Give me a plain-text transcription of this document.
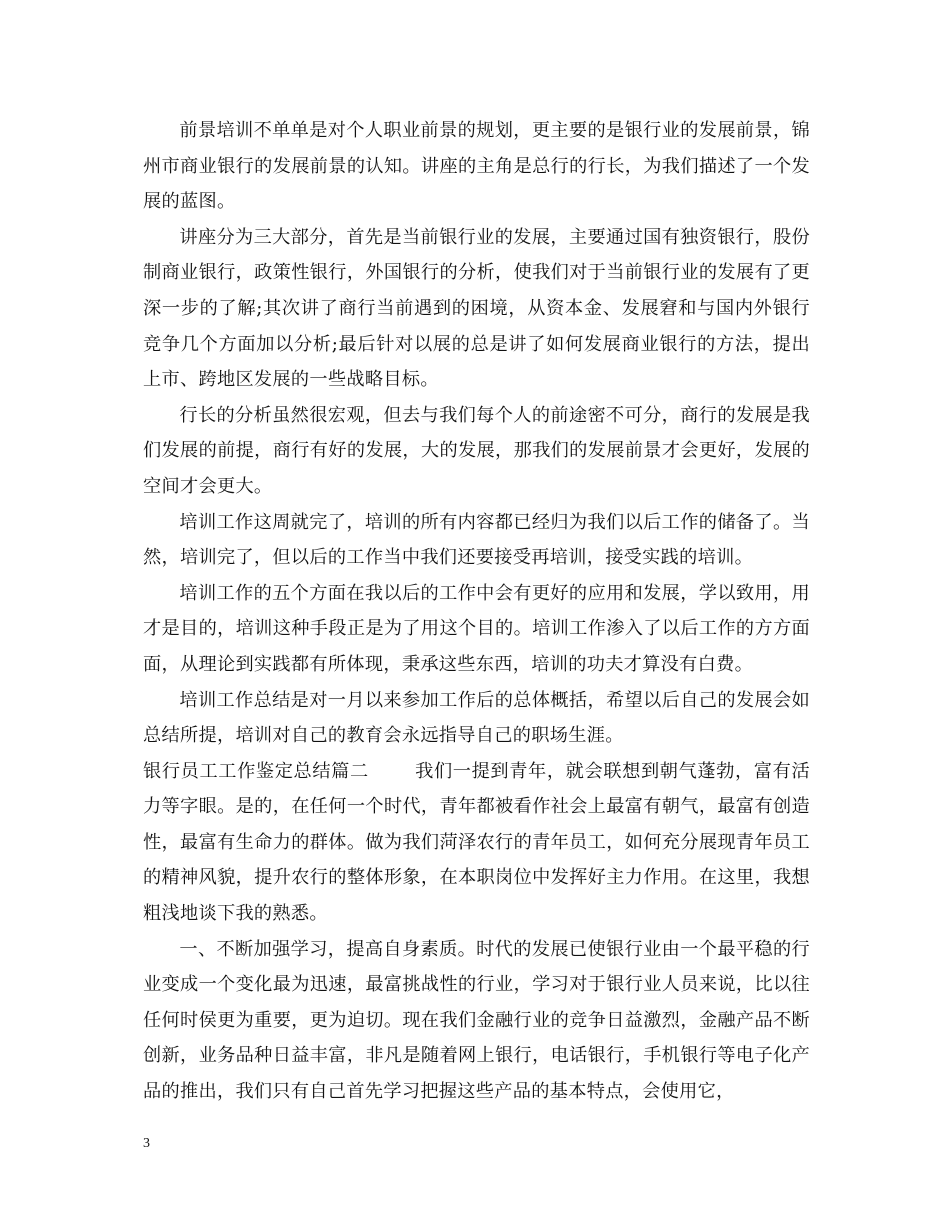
前景培训不单单是对个人职业前景的规划，更主要的是银行业的发展前景，锦州市商业银行的发展前景的认知。讲座的主角是总行的行长，为我们描述了一个发展的蓝图。

讲座分为三大部分，首先是当前银行业的发展，主要通过国有独资银行，股份制商业银行，政策性银行，外国银行的分析，使我们对于当前银行业的发展有了更深一步的了解;其次讲了商行当前遇到的困境，从资本金、发展窘和与国内外银行竞争几个方面加以分析;最后针对以展的总是讲了如何发展商业银行的方法，提出上市、跨地区发展的一些战略目标。

行长的分析虽然很宏观，但去与我们每个人的前途密不可分，商行的发展是我们发展的前提，商行有好的发展，大的发展，那我们的发展前景才会更好，发展的空间才会更大。

培训工作这周就完了，培训的所有内容都已经归为我们以后工作的储备了。当然，培训完了，但以后的工作当中我们还要接受再培训，接受实践的培训。

培训工作的五个方面在我以后的工作中会有更好的应用和发展，学以致用，用才是目的，培训这种手段正是为了用这个目的。培训工作渗入了以后工作的方方面面，从理论到实践都有所体现，秉承这些东西，培训的功夫才算没有白费。

培训工作总结是对一月以来参加工作后的总体概括，希望以后自己的发展会如总结所提，培训对自己的教育会永远指导自己的职场生涯。

银行员工工作鉴定总结篇二	我们一提到青年，就会联想到朝气蓬勃，富有活力等字眼。是的，在任何一个时代，青年都被看作社会上最富有朝气，最富有创造性，最富有生命力的群体。做为我们菏泽农行的青年员工，如何充分展现青年员工的精神风貌，提升农行的整体形象，在本职岗位中发挥好主力作用。在这里，我想粗浅地谈下我的熟悉。

一、不断加强学习，提高自身素质。时代的发展已使银行业由一个最平稳的行业变成一个变化最为迅速，最富挑战性的行业，学习对于银行业人员来说，比以往任何时侯更为重要，更为迫切。现在我们金融行业的竞争日益激烈，金融产品不断创新，业务品种日益丰富，非凡是随着网上银行，电话银行，手机银行等电子化产品的推出，我们只有自己首先学习把握这些产品的基本特点，会使用它，

3
